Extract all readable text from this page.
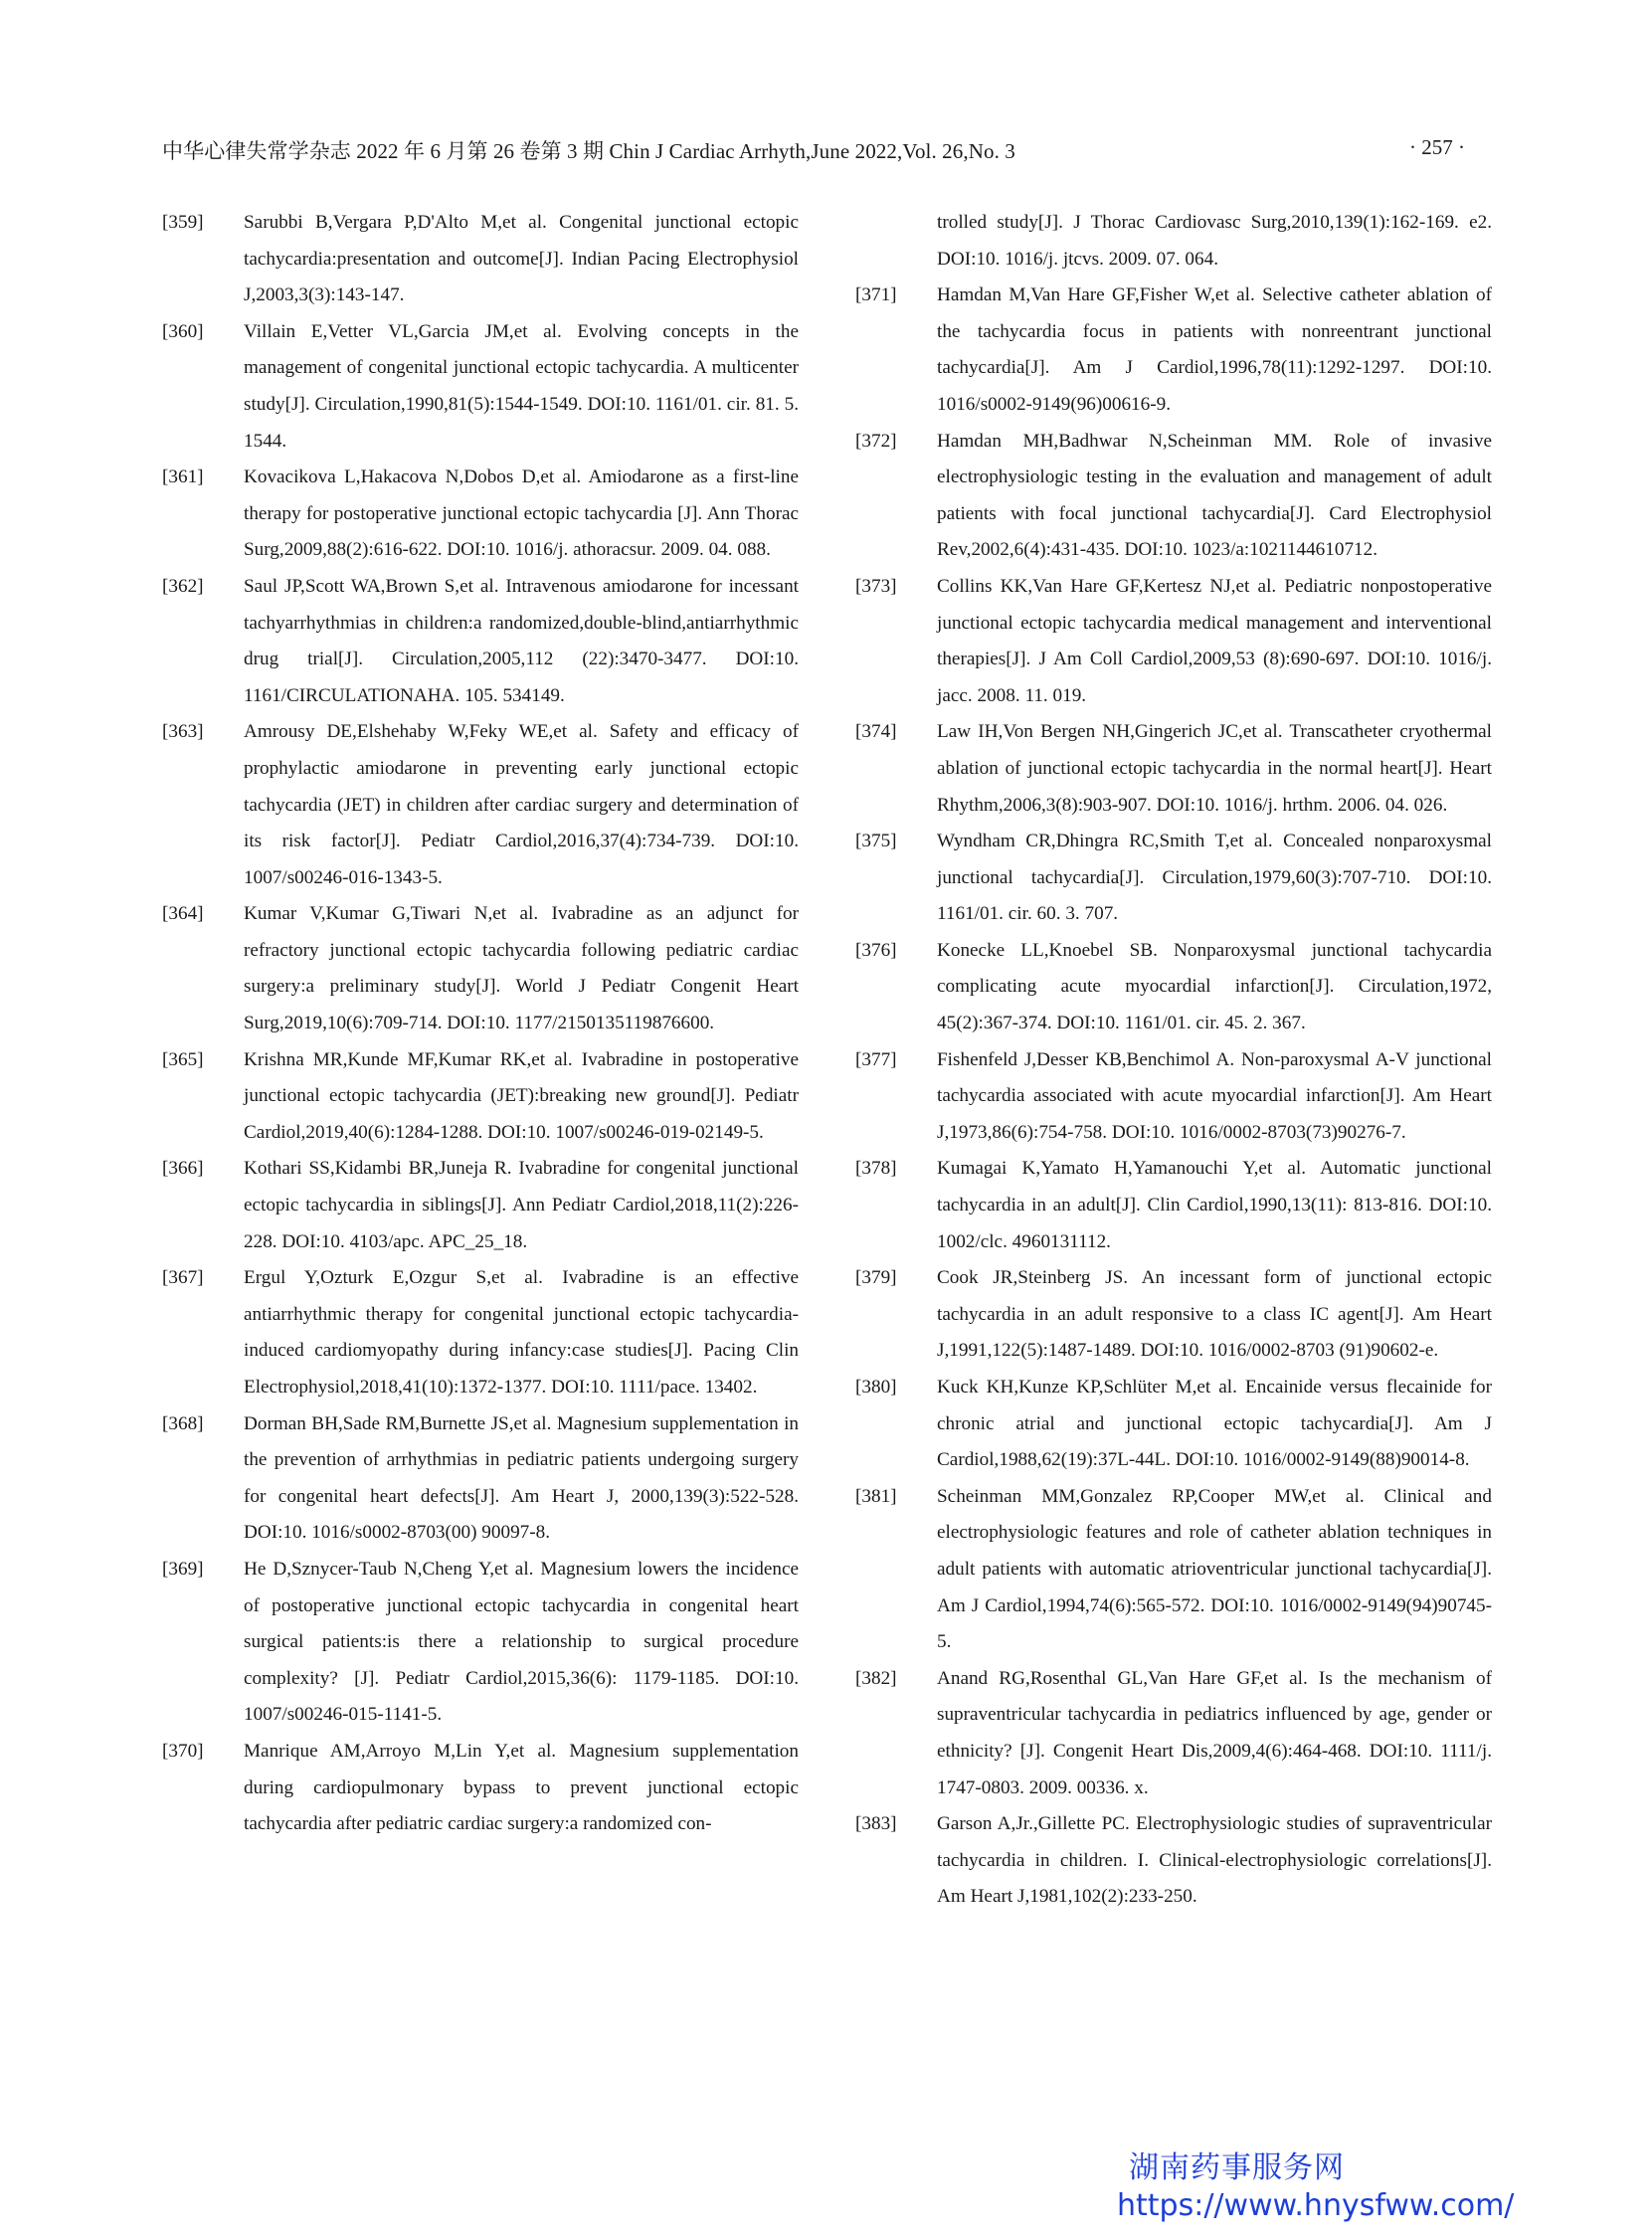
中华心律失常学杂志 2022 年 6 月第 26 卷第 3 期 Chin J Cardiac Arrhyth,June 2022,Vol. 26,No. 3	· 257 ·
[359]	Sarubbi B,Vergara P,D'Alto M,et al. Congenital junctional ectopic tachycardia:presentation and outcome[J]. Indian Pacing Electrophysiol J,2003,3(3):143-147.
[360]	Villain E,Vetter VL,Garcia JM,et al. Evolving concepts in the management of congenital junctional ectopic tachycardia. A multicenter study[J]. Circulation,1990,81(5):1544-1549. DOI:10. 1161/01. cir. 81. 5. 1544.
[361]	Kovacikova L,Hakacova N,Dobos D,et al. Amiodarone as a first-line therapy for postoperative junctional ectopic tachycardia [J]. Ann Thorac Surg,2009,88(2):616-622. DOI:10. 1016/j. athoracsur. 2009. 04. 088.
[362]	Saul JP,Scott WA,Brown S,et al. Intravenous amiodarone for incessant tachyarrhythmias in children:a randomized,double-blind,antiarrhythmic drug trial[J]. Circulation,2005,112 (22):3470-3477. DOI:10. 1161/CIRCULATIONAHA. 105. 534149.
[363]	Amrousy DE,Elshehaby W,Feky WE,et al. Safety and efficacy of prophylactic amiodarone in preventing early junctional ectopic tachycardia (JET) in children after cardiac surgery and determination of its risk factor[J]. Pediatr Cardiol,2016,37(4):734-739. DOI:10. 1007/s00246-016-1343-5.
[364]	Kumar V,Kumar G,Tiwari N,et al. Ivabradine as an adjunct for refractory junctional ectopic tachycardia following pediatric cardiac surgery:a preliminary study[J]. World J Pediatr Congenit Heart Surg,2019,10(6):709-714. DOI:10. 1177/2150135119876600.
[365]	Krishna MR,Kunde MF,Kumar RK,et al. Ivabradine in postoperative junctional ectopic tachycardia (JET):breaking new ground[J]. Pediatr Cardiol,2019,40(6):1284-1288. DOI:10. 1007/s00246-019-02149-5.
[366]	Kothari SS,Kidambi BR,Juneja R. Ivabradine for congenital junctional ectopic tachycardia in siblings[J]. Ann Pediatr Cardiol,2018,11(2):226-228. DOI:10. 4103/apc. APC_25_18.
[367]	Ergul Y,Ozturk E,Ozgur S,et al. Ivabradine is an effective antiarrhythmic therapy for congenital junctional ectopic tachycardia-induced cardiomyopathy during infancy:case studies[J]. Pacing Clin Electrophysiol,2018,41(10):1372-1377. DOI:10. 1111/pace. 13402.
[368]	Dorman BH,Sade RM,Burnette JS,et al. Magnesium supplementation in the prevention of arrhythmias in pediatric patients undergoing surgery for congenital heart defects[J]. Am Heart J, 2000,139(3):522-528. DOI:10. 1016/s0002-8703(00) 90097-8.
[369]	He D,Sznycer-Taub N,Cheng Y,et al. Magnesium lowers the incidence of postoperative junctional ectopic tachycardia in congenital heart surgical patients:is there a relationship to surgical procedure complexity? [J]. Pediatr Cardiol,2015,36(6): 1179-1185. DOI:10. 1007/s00246-015-1141-5.
[370]	Manrique AM,Arroyo M,Lin Y,et al. Magnesium supplementation during cardiopulmonary bypass to prevent junctional ectopic tachycardia after pediatric cardiac surgery:a randomized con-
trolled study[J]. J Thorac Cardiovasc Surg,2010,139(1):162-169. e2. DOI:10. 1016/j. jtcvs. 2009. 07. 064.
[371]	Hamdan M,Van Hare GF,Fisher W,et al. Selective catheter ablation of the tachycardia focus in patients with nonreentrant junctional tachycardia[J]. Am J Cardiol,1996,78(11):1292-1297. DOI:10. 1016/s0002-9149(96)00616-9.
[372]	Hamdan MH,Badhwar N,Scheinman MM. Role of invasive electrophysiologic testing in the evaluation and management of adult patients with focal junctional tachycardia[J]. Card Electrophysiol Rev,2002,6(4):431-435. DOI:10. 1023/a:1021144610712.
[373]	Collins KK,Van Hare GF,Kertesz NJ,et al. Pediatric nonpostoperative junctional ectopic tachycardia medical management and interventional therapies[J]. J Am Coll Cardiol,2009,53 (8):690-697. DOI:10. 1016/j. jacc. 2008. 11. 019.
[374]	Law IH,Von Bergen NH,Gingerich JC,et al. Transcatheter cryothermal ablation of junctional ectopic tachycardia in the normal heart[J]. Heart Rhythm,2006,3(8):903-907. DOI:10. 1016/j. hrthm. 2006. 04. 026.
[375]	Wyndham CR,Dhingra RC,Smith T,et al. Concealed nonparoxysmal junctional tachycardia[J]. Circulation,1979,60(3):707-710. DOI:10. 1161/01. cir. 60. 3. 707.
[376]	Konecke LL,Knoebel SB. Nonparoxysmal junctional tachycardia complicating acute myocardial infarction[J]. Circulation,1972, 45(2):367-374. DOI:10. 1161/01. cir. 45. 2. 367.
[377]	Fishenfeld J,Desser KB,Benchimol A. Non-paroxysmal A-V junctional tachycardia associated with acute myocardial infarction[J]. Am Heart J,1973,86(6):754-758. DOI:10. 1016/0002-8703(73)90276-7.
[378]	Kumagai K,Yamato H,Yamanouchi Y,et al. Automatic junctional tachycardia in an adult[J]. Clin Cardiol,1990,13(11): 813-816. DOI:10. 1002/clc. 4960131112.
[379]	Cook JR,Steinberg JS. An incessant form of junctional ectopic tachycardia in an adult responsive to a class IC agent[J]. Am Heart J,1991,122(5):1487-1489. DOI:10. 1016/0002-8703 (91)90602-e.
[380]	Kuck KH,Kunze KP,Schlüter M,et al. Encainide versus flecainide for chronic atrial and junctional ectopic tachycardia[J]. Am J Cardiol,1988,62(19):37L-44L. DOI:10. 1016/0002-9149(88)90014-8.
[381]	Scheinman MM,Gonzalez RP,Cooper MW,et al. Clinical and electrophysiologic features and role of catheter ablation techniques in adult patients with automatic atrioventricular junctional tachycardia[J]. Am J Cardiol,1994,74(6):565-572. DOI:10. 1016/0002-9149(94)90745-5.
[382]	Anand RG,Rosenthal GL,Van Hare GF,et al. Is the mechanism of supraventricular tachycardia in pediatrics influenced by age, gender or ethnicity? [J]. Congenit Heart Dis,2009,4(6):464-468. DOI:10. 1111/j. 1747-0803. 2009. 00336. x.
[383]	Garson A,Jr.,Gillette PC. Electrophysiologic studies of supraventricular tachycardia in children. I. Clinical-electrophysiologic correlations[J]. Am Heart J,1981,102(2):233-250.
湖南药事服务网
https://www.hnysfww.com/
